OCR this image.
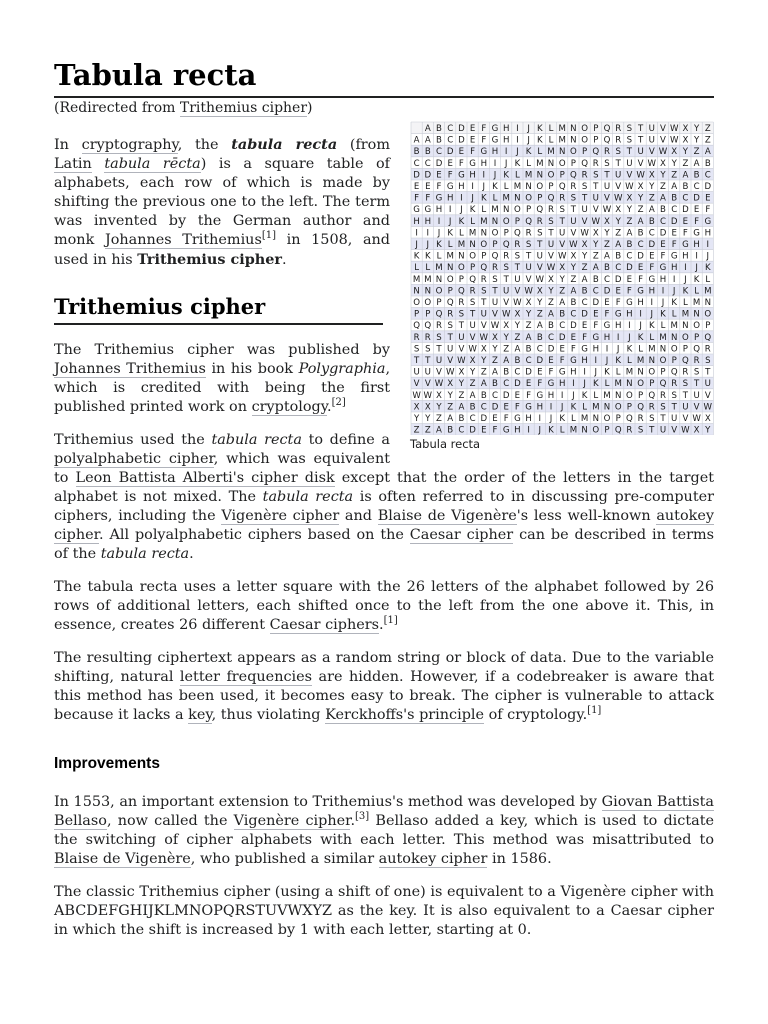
Tabula recta
(Redirected from Trithemius cipher)
A B C D E F G H I J K L M N O P Q R S T U V W X Y Z
A A B C D E F G H I J K L M N O P Q R S T U V W X Y Z
B B C D E F G H I J K L M N O P Q R S T U V W X Y Z A
C C D E F G H I J K L M N O P Q R S T U V W X Y Z A B
D D E F G H I J K L M N O P Q R S T U V W X Y Z A B C
E E F G H I J K L M N O P Q R S T U V W X Y Z A B C D
F F G H I J K L M N O P Q R S T U V W X Y Z A B C D E
G G H I J K L M N O P Q R S T U V W X Y Z A B C D E F
H H I J K L M N O P Q R S T U V W X Y Z A B C D E F G
I I J K L M N O P Q R S T U V W X Y Z A B C D E F G H
J J K L M N O P Q R S T U V W X Y Z A B C D E F G H I
K K L M N O P Q R S T U V W X Y Z A B C D E F G H I J
L L M N O P Q R S T U V W X Y Z A B C D E F G H I J K
M M N O P Q R S T U V W X Y Z A B C D E F G H I J K L
N N O P Q R S T U V W X Y Z A B C D E F G H I J K L M
O O P Q R S T U V W X Y Z A B C D E F G H I J K L M N
P P Q R S T U V W X Y Z A B C D E F G H I J K L M N O
Q Q R S T U V W X Y Z A B C D E F G H I J K L M N O P
R R S T U V W X Y Z A B C D E F G H I J K L M N O P Q
S S T U V W X Y Z A B C D E F G H I J K L M N O P Q R
T T U V W X Y Z A B C D E F G H I J K L M N O P Q R S
U U V W X Y Z A B C D E F G H I J K L M N O P Q R S T
V V W X Y Z A B C D E F G H I J K L M N O P Q R S T U
W W X Y Z A B C D E F G H I J K L M N O P Q R S T U V
X X Y Z A B C D E F G H I J K L M N O P Q R S T U V W
Y Y Z A B C D E F G H I J K L M N O P Q R S T U V W X
Z Z A B C D E F G H I J K L M N O P Q R S T U V W X Y
Tabula recta

In cryptography, the tabula recta (from Latin tabula rēcta) is a square table of alphabets, each row of which is made by shifting the previous one to the left. The term was invented by the German author and monk Johannes Trithemius[1] in 1508, and used in his Trithemius cipher.

Trithemius cipher

The Trithemius cipher was published by Johannes Trithemius in his book Polygraphia, which is credited with being the first published printed work on cryptology.[2]

Trithemius used the tabula recta to define a polyalphabetic cipher, which was equivalent to Leon Battista Alberti's cipher disk except that the order of the letters in the target alphabet is not mixed. The tabula recta is often referred to in discussing pre-computer ciphers, including the Vigenère cipher and Blaise de Vigenère's less well-known autokey cipher. All polyalphabetic ciphers based on the Caesar cipher can be described in terms of the tabula recta.

The tabula recta uses a letter square with the 26 letters of the alphabet followed by 26 rows of additional letters, each shifted once to the left from the one above it. This, in essence, creates 26 different Caesar ciphers.[1]

The resulting ciphertext appears as a random string or block of data. Due to the variable shifting, natural letter frequencies are hidden. However, if a codebreaker is aware that this method has been used, it becomes easy to break. The cipher is vulnerable to attack because it lacks a key, thus violating Kerckhoffs's principle of cryptology.[1]

Improvements

In 1553, an important extension to Trithemius's method was developed by Giovan Battista Bellaso, now called the Vigenère cipher.[3] Bellaso added a key, which is used to dictate the switching of cipher alphabets with each letter. This method was misattributed to Blaise de Vigenère, who published a similar autokey cipher in 1586.

The classic Trithemius cipher (using a shift of one) is equivalent to a Vigenère cipher with ABCDEFGHIJKLMNOPQRSTUVWXYZ as the key. It is also equivalent to a Caesar cipher in which the shift is increased by 1 with each letter, starting at 0.
